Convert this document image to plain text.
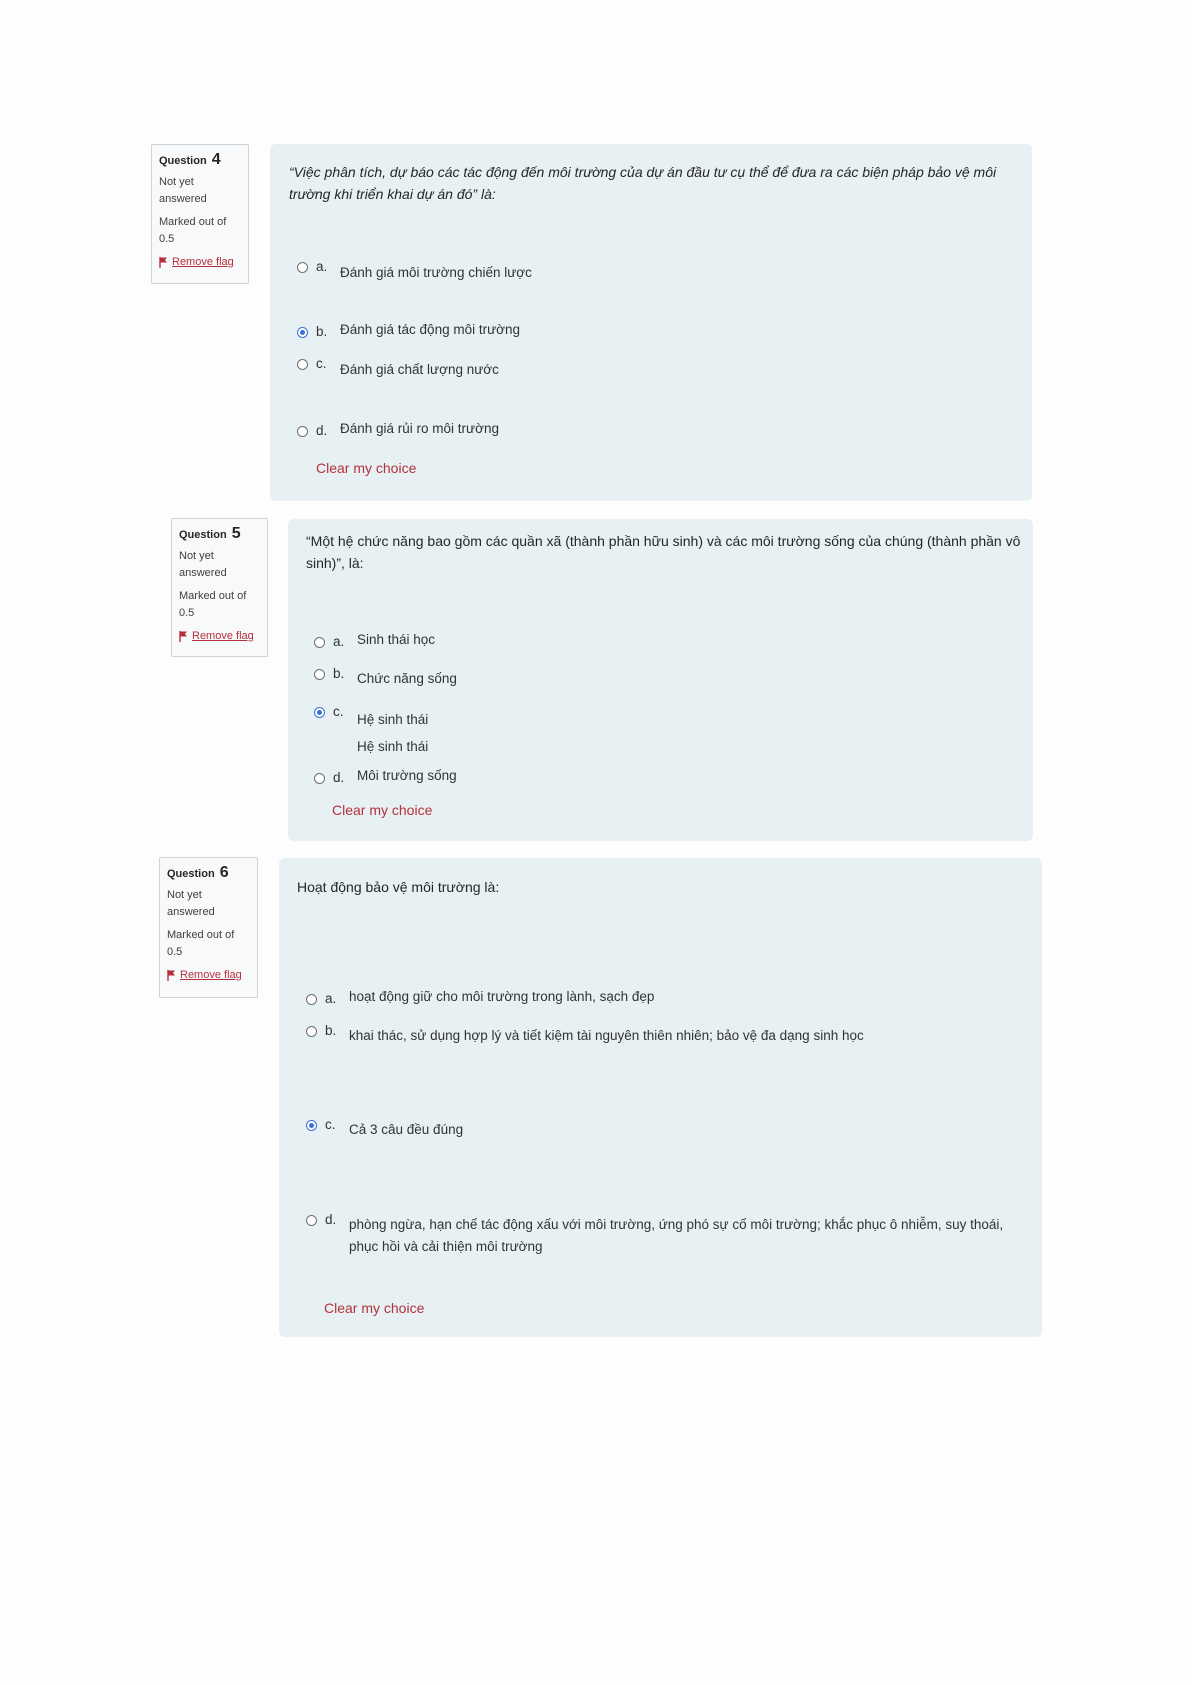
Question 4
Not yet answered
Marked out of 0.5
Remove flag
“Việc phân tích, dự báo các tác động đến môi trường của dự án đầu tư cụ thể để đưa ra các biện pháp bảo vệ môi
trường khi triển khai dự án đó” là:
a. Đánh giá môi trường chiến lược
b. Đánh giá tác động môi trường
c. Đánh giá chất lượng nước
d. Đánh giá rủi ro môi trường
Clear my choice
Question 5
Not yet answered
Marked out of 0.5
Remove flag
“Một hệ chức năng bao gồm các quần xã (thành phần hữu sinh) và các môi trường sống của chúng (thành phần vô
sinh)”, là:
a. Sinh thái học
b. Chức năng sống
c.
Hệ sinh thái
Hệ sinh thái
d. Môi trường sống
Clear my choice
Question 6
Not yet answered
Marked out of 0.5
Remove flag
Hoạt động bảo vệ môi trường là:
a. hoạt động giữ cho môi trường trong lành, sạch đẹp
b. khai thác, sử dụng hợp lý và tiết kiệm tài nguyên thiên nhiên; bảo vệ đa dạng sinh học
c. Cả 3 câu đều đúng
d. phòng ngừa, hạn chế tác động xấu với môi trường, ứng phó sự cố môi trường; khắc phục ô nhiễm, suy thoái,
phục hồi và cải thiện môi trường
Clear my choice
